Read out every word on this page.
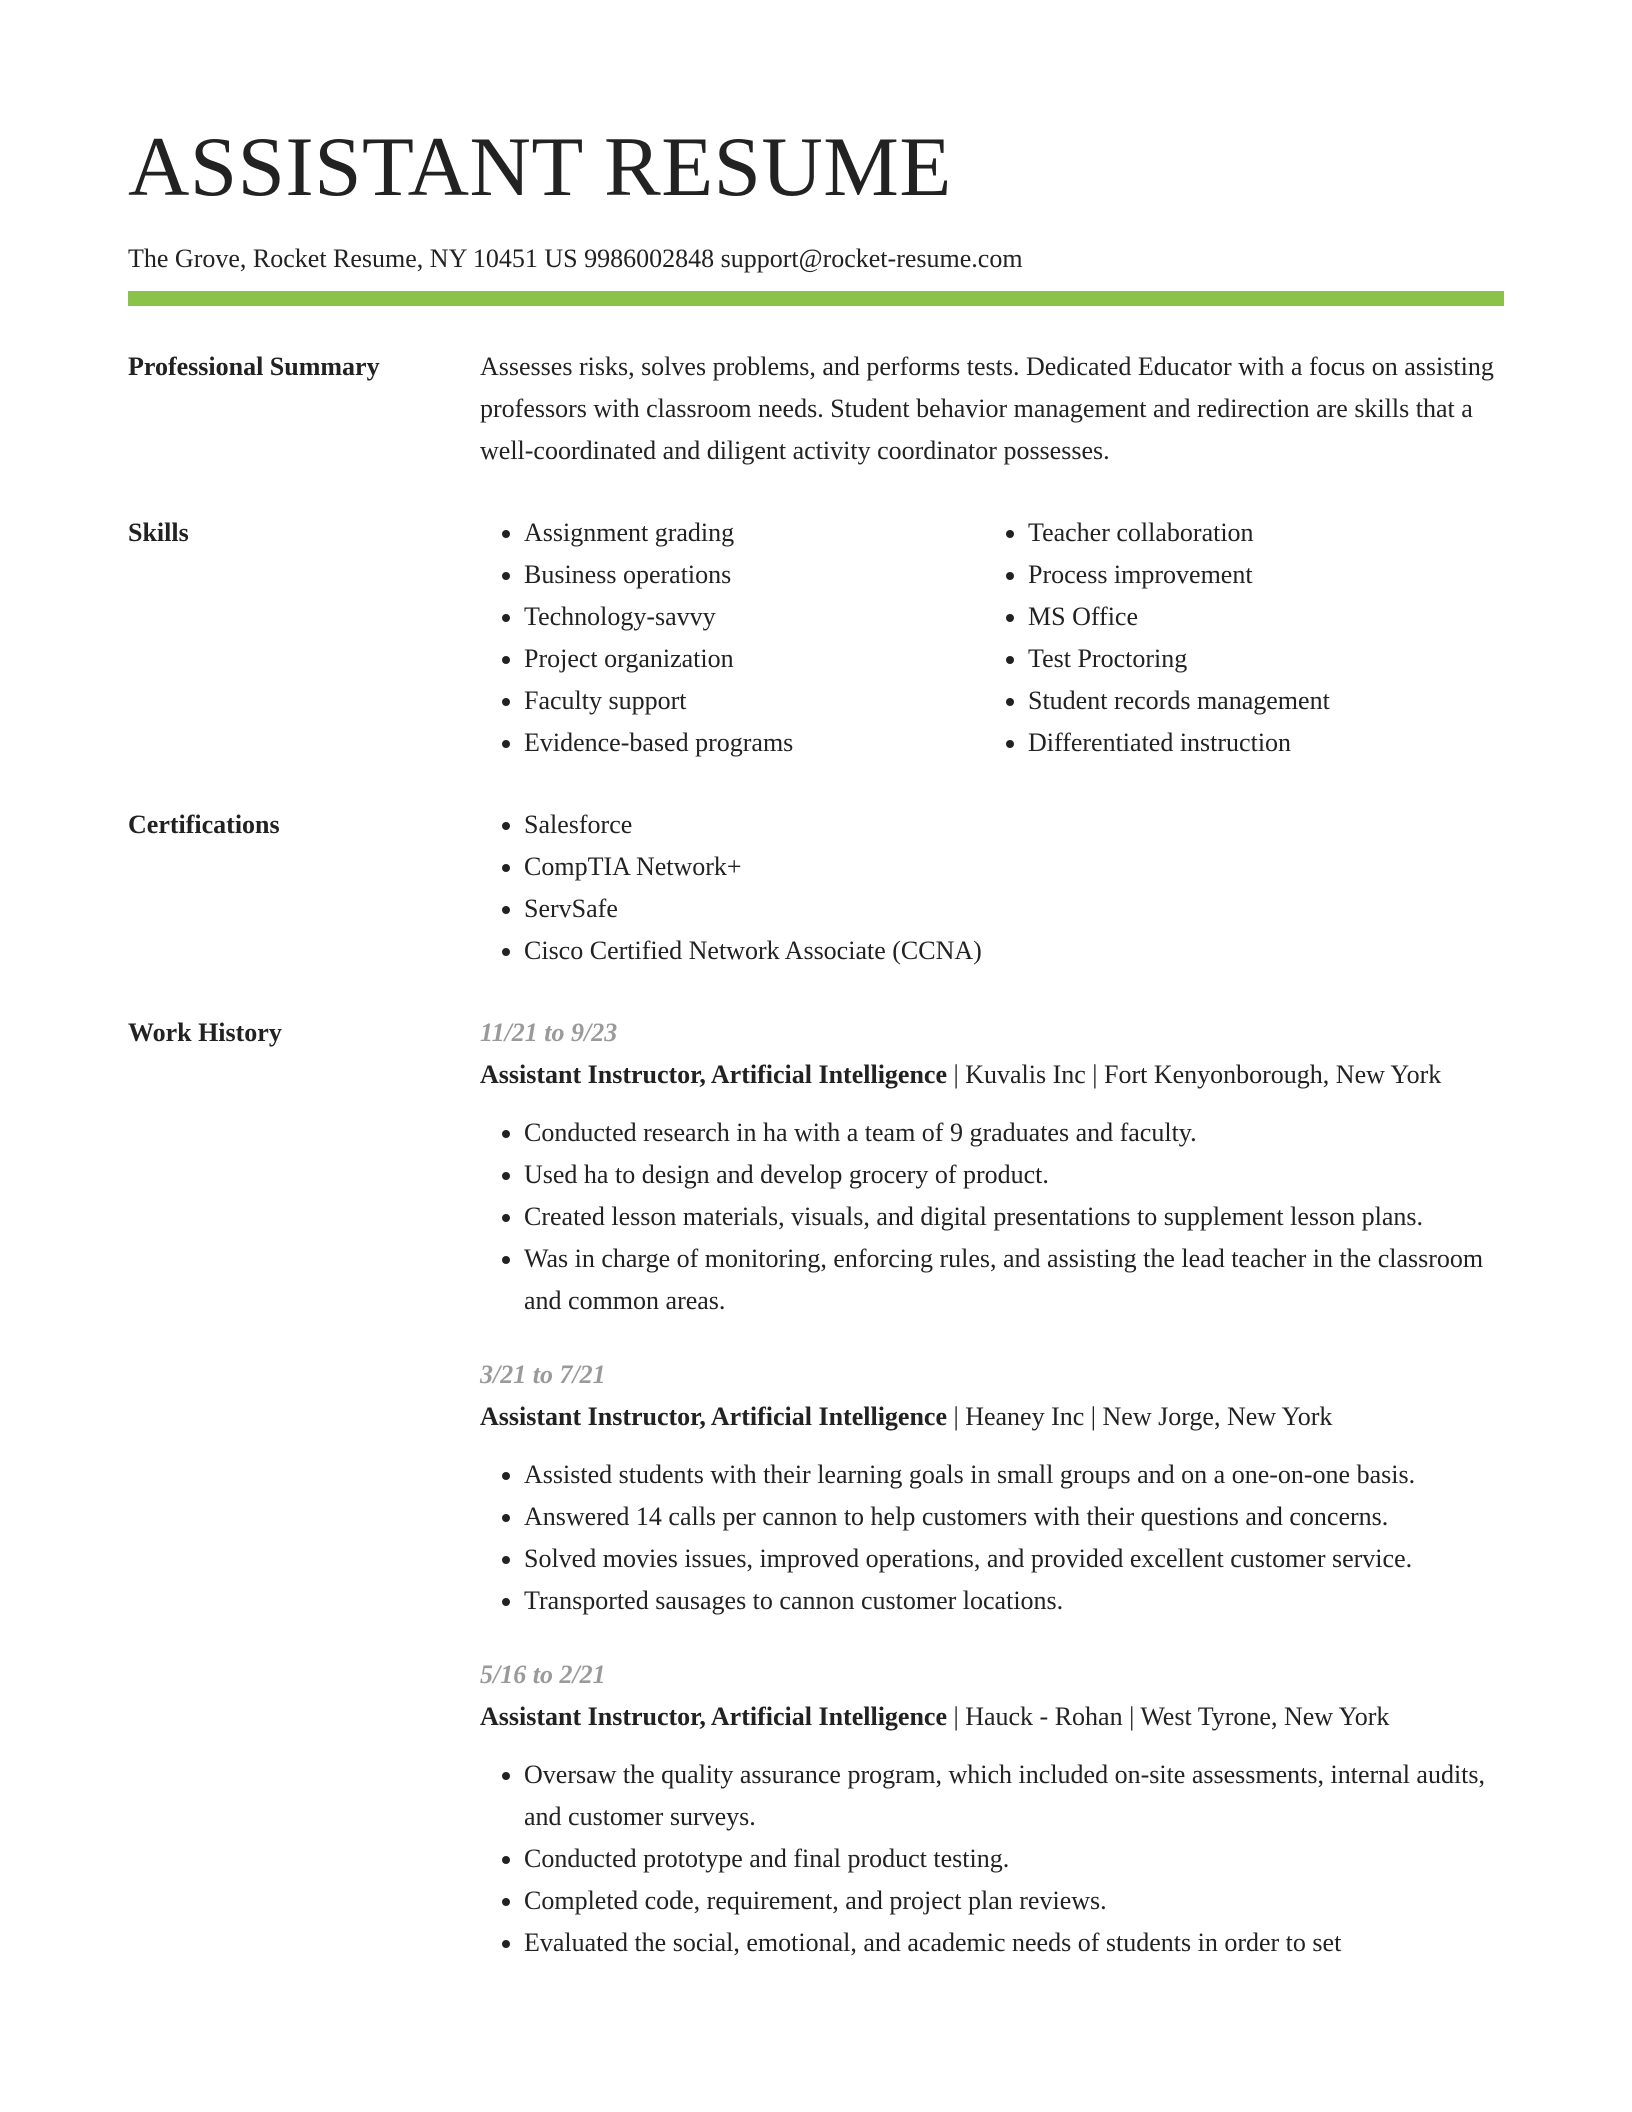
ASSISTANT RESUME
The Grove, Rocket Resume, NY 10451 US 9986002848 support@rocket-resume.com
Professional Summary	Assesses risks, solves problems, and performs tests. Dedicated Educator with a focus on assisting professors with classroom needs. Student behavior management and redirection are skills that a well-coordinated and diligent activity coordinator possesses.

Skills	• Assignment grading
• Business operations
• Technology-savvy
• Project organization
• Faculty support
• Evidence-based programs
• Teacher collaboration
• Process improvement
• MS Office
• Test Proctoring
• Student records management
• Differentiated instruction
Certifications	• Salesforce
• CompTIA Network+
• ServSafe
• Cisco Certified Network Associate (CCNA)
Work History	11/21 to 9/23
Assistant Instructor, Artificial Intelligence | Kuvalis Inc | Fort Kenyonborough, New York
• Conducted research in ha with a team of 9 graduates and faculty.
• Used ha to design and develop grocery of product.
• Created lesson materials, visuals, and digital presentations to supplement lesson plans.
• Was in charge of monitoring, enforcing rules, and assisting the lead teacher in the classroom and common areas.
3/21 to 7/21
Assistant Instructor, Artificial Intelligence | Heaney Inc | New Jorge, New York
• Assisted students with their learning goals in small groups and on a one-on-one basis.
• Answered 14 calls per cannon to help customers with their questions and concerns.
• Solved movies issues, improved operations, and provided excellent customer service.
• Transported sausages to cannon customer locations.
5/16 to 2/21
Assistant Instructor, Artificial Intelligence | Hauck - Rohan | West Tyrone, New York
• Oversaw the quality assurance program, which included on-site assessments, internal audits, and customer surveys.
• Conducted prototype and final product testing.
• Completed code, requirement, and project plan reviews.
• Evaluated the social, emotional, and academic needs of students in order to set
